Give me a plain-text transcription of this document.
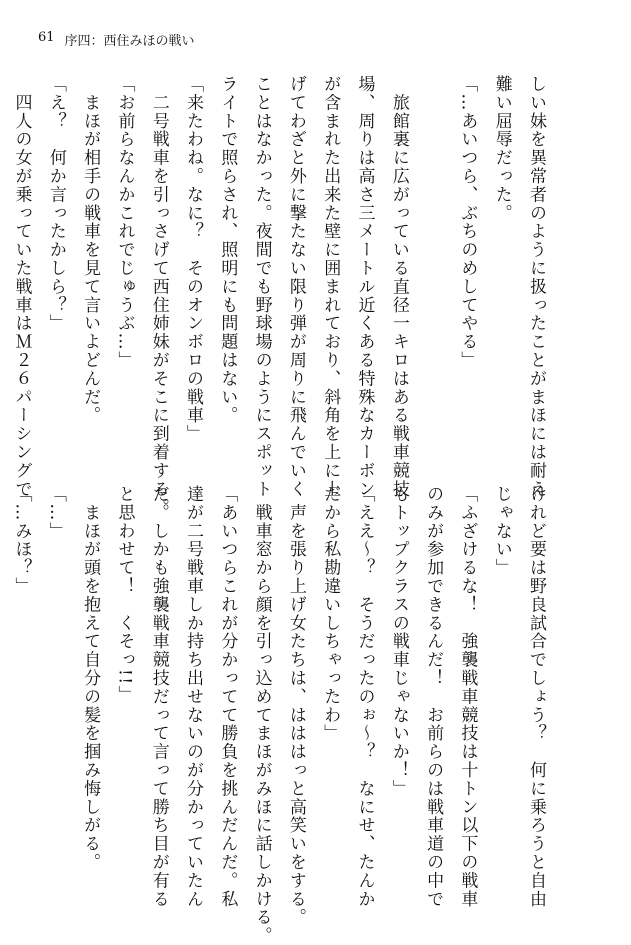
61 序四：西住みほの戦い
しい妹を異常者のように扱ったことがまほには耐え
難い屈辱だった。
「…あいつら、ぶちのめしてやる」

　旅館裏に広がっている直径一キロはある戦車競技
場、周りは高さ三メートル近くある特殊なカーボン
が含まれた出来た壁に囲まれており、斜角を上に上
げてわざと外に撃たない限り弾が周りに飛んでいく
ことはなかった。夜間でも野球場のようにスポット
ライトで照らされ、照明にも問題はない。
「来たわね。なに？　そのオンボロの戦車」
　二号戦車を引っさげて西住姉妹がそこに到着する。
「お前らなんかこれでじゅうぶ…」
　まほが相手の戦車を見て言いよどんだ。
「え？　何か言ったかしら？」
　四人の女が乗っていた戦車はＭ２６パーシングで
けれど要は野良試合でしょう？　何に乗ろうと自由
じゃない」
「ふざけるな！　強襲戦車競技は十トン以下の戦車
のみが参加できるんだ！　お前らのは戦車道の中で
もトップクラスの戦車じゃないか！」
「ええ〜？　そうだったのぉ〜？　なにせ、たんか
だから私勘違いしちゃったわ」
　声を張り上げ女たちは、はははっと高笑いをする。
　戦車窓から顔を引っ込めてまほがみほに話しかける。
「あいつらこれが分かってて勝負を挑んだんだ。私
達が二号戦車しか持ち出せないのが分かっていたん
だ。しかも強襲戦車競技だって言って勝ち目が有る
と思わせて！　くそっ!!」
　まほが頭を抱えて自分の髪を掴み悔しがる。
「…」
「…みほ？」
